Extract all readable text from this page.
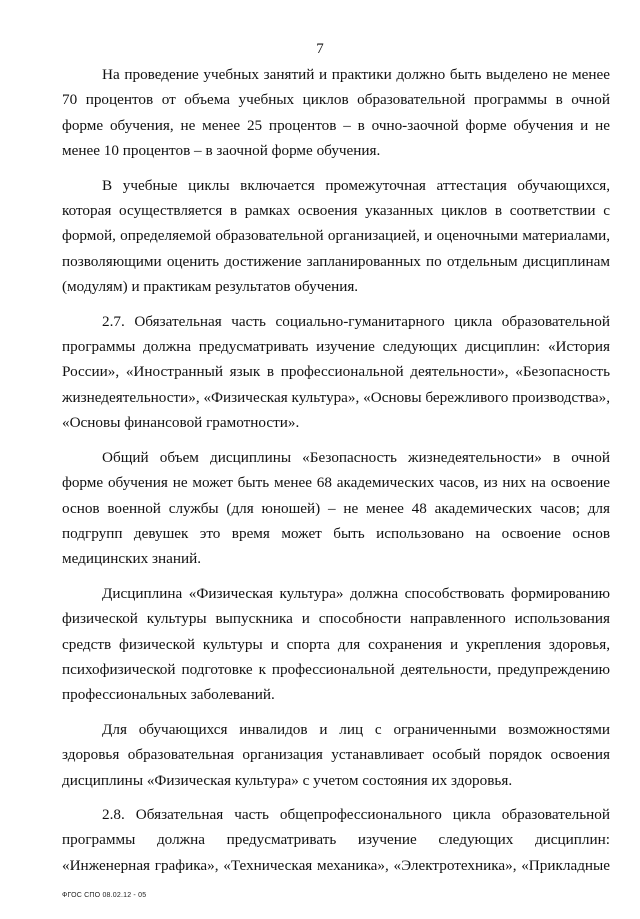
7

На проведение учебных занятий и практики должно быть выделено не менее 70 процентов от объема учебных циклов образовательной программы в очной форме обучения, не менее 25 процентов – в очно-заочной форме обучения и не менее 10 процентов – в заочной форме обучения.

В учебные циклы включается промежуточная аттестация обучающихся, которая осуществляется в рамках освоения указанных циклов в соответствии с формой, определяемой образовательной организацией, и оценочными материалами, позволяющими оценить достижение запланированных по отдельным дисциплинам (модулям) и практикам результатов обучения.

2.7. Обязательная часть социально-гуманитарного цикла образовательной программы должна предусматривать изучение следующих дисциплин: «История России», «Иностранный язык в профессиональной деятельности», «Безопасность жизнедеятельности», «Физическая культура», «Основы бережливого производства», «Основы финансовой грамотности».

Общий объем дисциплины «Безопасность жизнедеятельности» в очной форме обучения не может быть менее 68 академических часов, из них на освоение основ военной службы (для юношей) – не менее 48 академических часов; для подгрупп девушек это время может быть использовано на освоение основ медицинских знаний.

Дисциплина «Физическая культура» должна способствовать формированию физической культуры выпускника и способности направленного использования средств физической культуры и спорта для сохранения и укрепления здоровья, психофизической подготовке к профессиональной деятельности, предупреждению профессиональных заболеваний.

Для обучающихся инвалидов и лиц с ограниченными возможностями здоровья образовательная организация устанавливает особый порядок освоения дисциплины «Физическая культура» с учетом состояния их здоровья.

2.8. Обязательная часть общепрофессионального цикла образовательной программы должна предусматривать изучение следующих дисциплин: «Инженерная графика», «Техническая механика», «Электротехника», «Прикладные

ФГОС СПО 08.02.12 - 05
